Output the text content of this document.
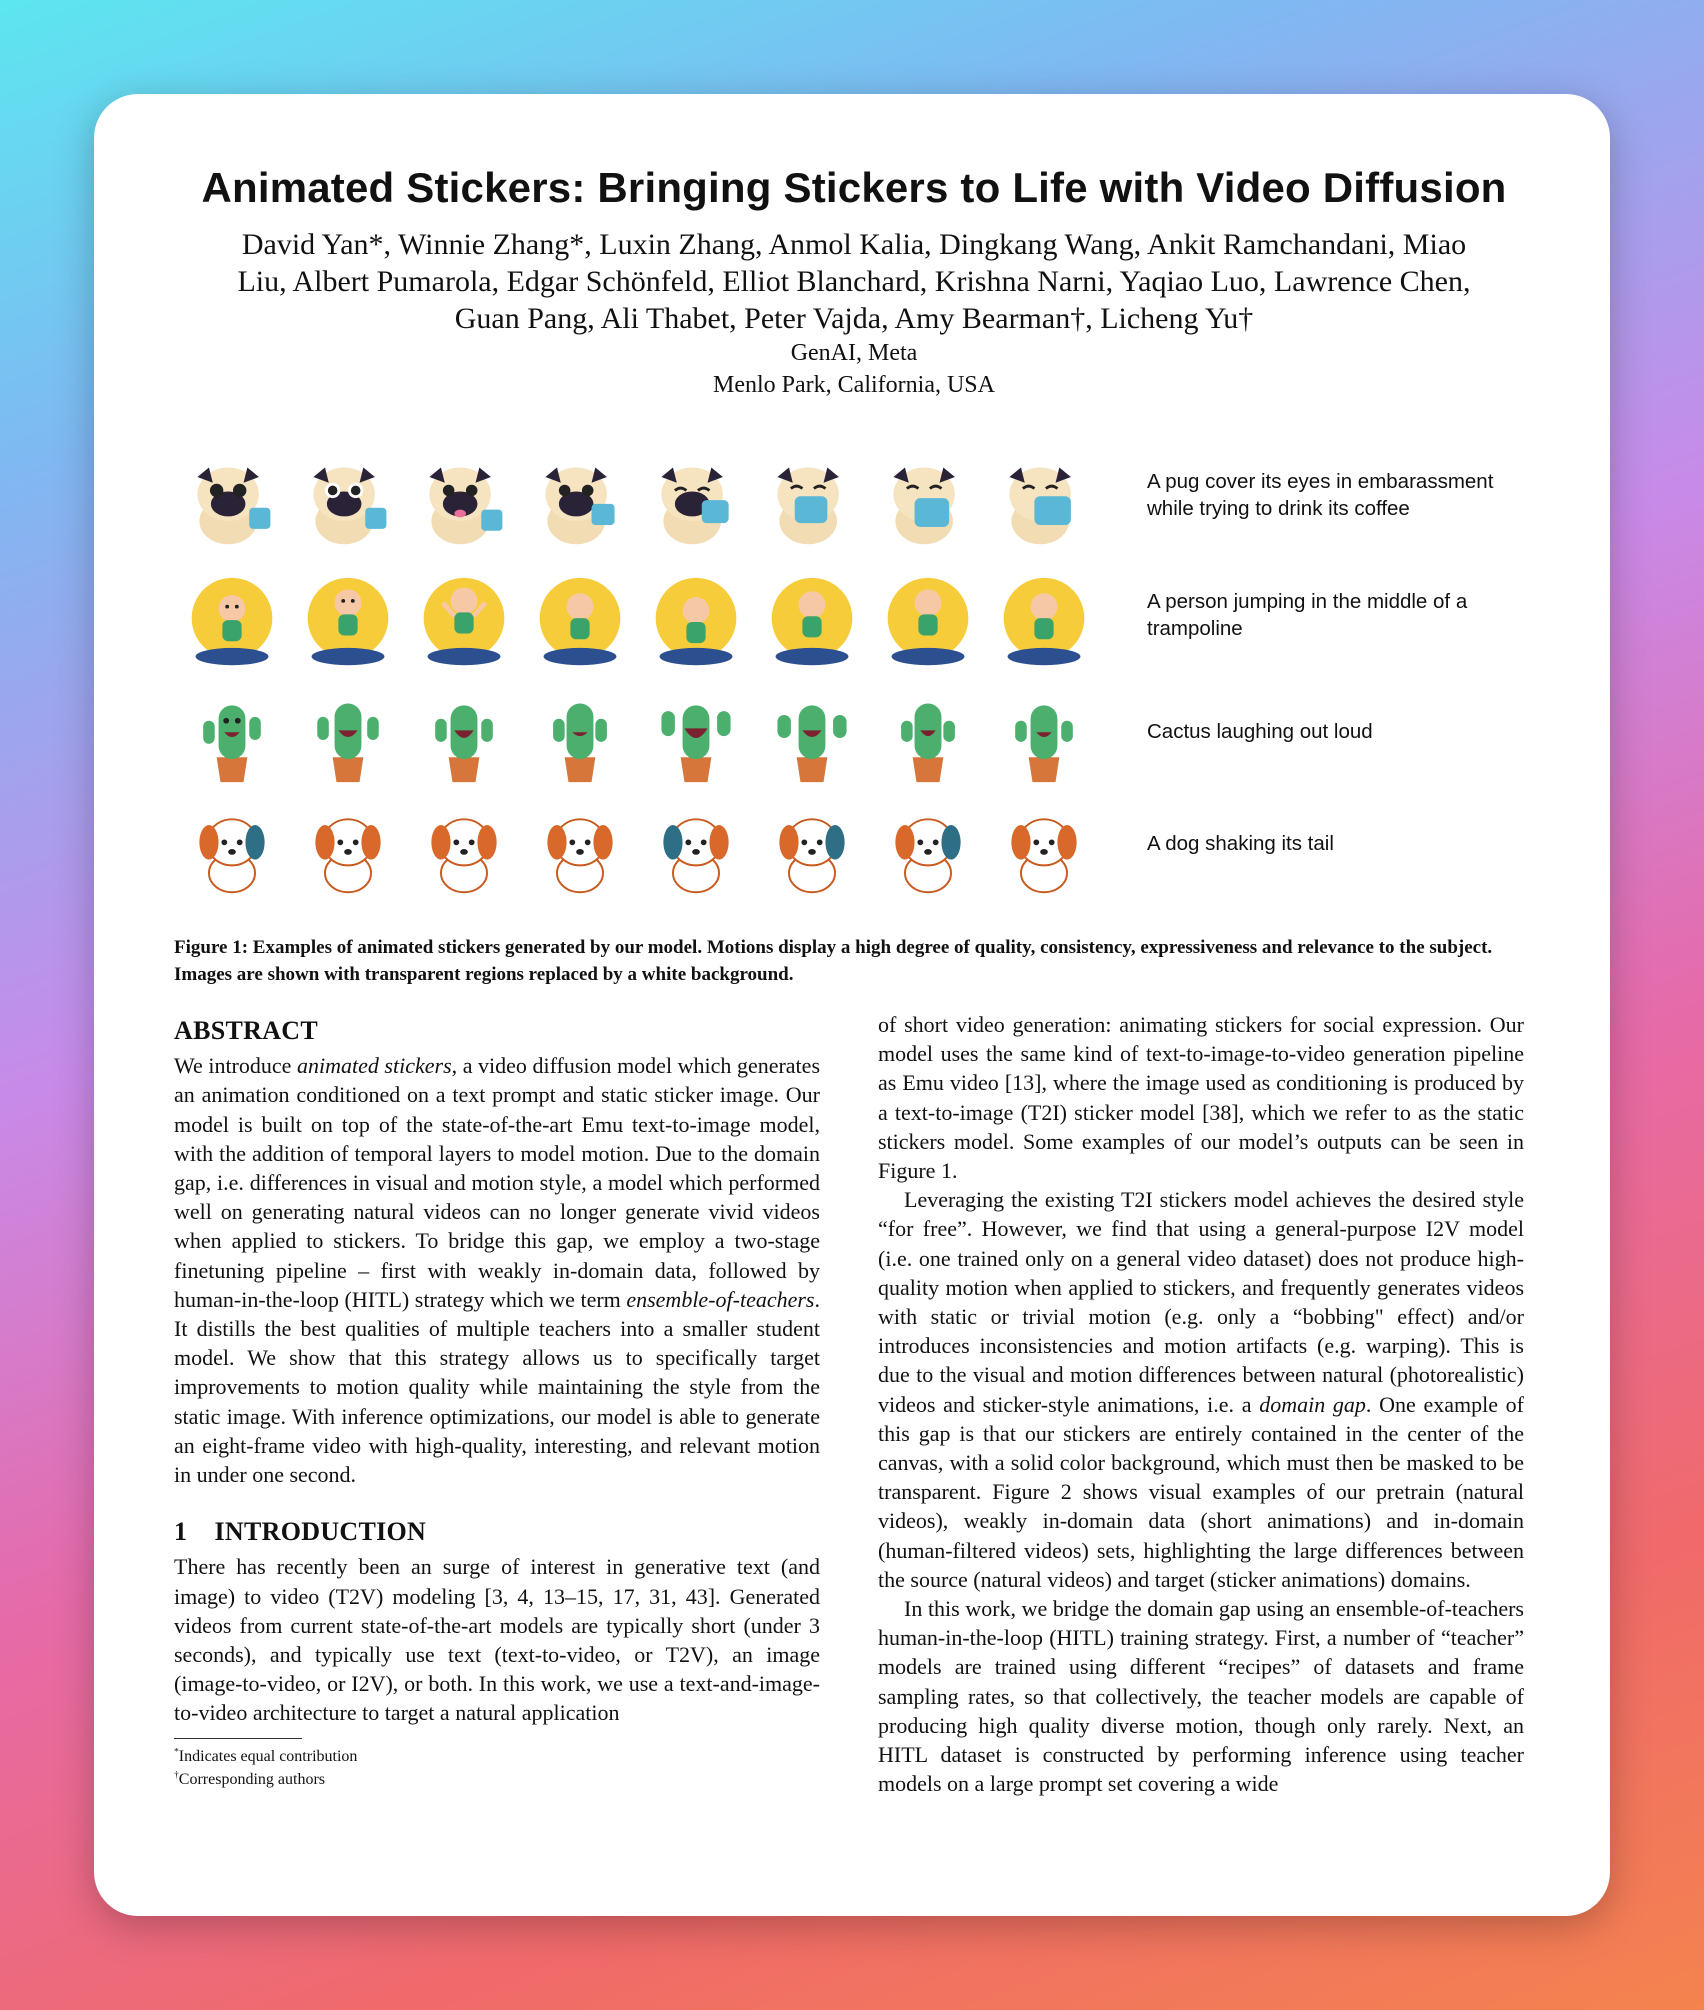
Animated Stickers: Bringing Stickers to Life with Video Diffusion
David Yan*, Winnie Zhang*, Luxin Zhang, Anmol Kalia, Dingkang Wang, Ankit Ramchandani, Miao Liu, Albert Pumarola, Edgar Schönfeld, Elliot Blanchard, Krishna Narni, Yaqiao Luo, Lawrence Chen, Guan Pang, Ali Thabet, Peter Vajda, Amy Bearman†, Licheng Yu†
GenAI, Meta
Menlo Park, California, USA
A pug cover its eyes in embarassment while trying to drink its coffee
A person jumping in the middle of a trampoline
Cactus laughing out loud
A dog shaking its tail
Figure 1: Examples of animated stickers generated by our model. Motions display a high degree of quality, consistency, expressiveness and relevance to the subject. Images are shown with transparent regions replaced by a white background.
ABSTRACT

We introduce animated stickers, a video diffusion model which generates an animation conditioned on a text prompt and static sticker image. Our model is built on top of the state-of-the-art Emu text-to-image model, with the addition of temporal layers to model motion. Due to the domain gap, i.e. differences in visual and motion style, a model which performed well on generating natural videos can no longer generate vivid videos when applied to stickers. To bridge this gap, we employ a two-stage finetuning pipeline – first with weakly in-domain data, followed by human-in-the-loop (HITL) strategy which we term ensemble-of-teachers. It distills the best qualities of multiple teachers into a smaller student model. We show that this strategy allows us to specifically target improvements to motion quality while maintaining the style from the static image. With inference optimizations, our model is able to generate an eight-frame video with high-quality, interesting, and relevant motion in under one second.

1    INTRODUCTION

There has recently been an surge of interest in generative text (and image) to video (T2V) modeling [3, 4, 13–15, 17, 31, 43]. Generated videos from current state-of-the-art models are typically short (under 3 seconds), and typically use text (text-to-video, or T2V), an image (image-to-video, or I2V), or both. In this work, we use a text-and-image-to-video architecture to target a natural application

*Indicates equal contribution
†Corresponding authors

of short video generation: animating stickers for social expression. Our model uses the same kind of text-to-image-to-video generation pipeline as Emu video [13], where the image used as conditioning is produced by a text-to-image (T2I) sticker model [38], which we refer to as the static stickers model. Some examples of our model’s outputs can be seen in Figure 1.

Leveraging the existing T2I stickers model achieves the desired style “for free”. However, we find that using a general-purpose I2V model (i.e. one trained only on a general video dataset) does not produce high-quality motion when applied to stickers, and frequently generates videos with static or trivial motion (e.g. only a “bobbing" effect) and/or introduces inconsistencies and motion artifacts (e.g. warping). This is due to the visual and motion differences between natural (photorealistic) videos and sticker-style animations, i.e. a domain gap. One example of this gap is that our stickers are entirely contained in the center of the canvas, with a solid color background, which must then be masked to be transparent. Figure 2 shows visual examples of our pretrain (natural videos), weakly in-domain data (short animations) and in-domain (human-filtered videos) sets, highlighting the large differences between the source (natural videos) and target (sticker animations) domains.

In this work, we bridge the domain gap using an ensemble-of-teachers human-in-the-loop (HITL) training strategy. First, a number of “teacher” models are trained using different “recipes” of datasets and frame sampling rates, so that collectively, the teacher models are capable of producing high quality diverse motion, though only rarely. Next, an HITL dataset is constructed by performing inference using teacher models on a large prompt set covering a wide
